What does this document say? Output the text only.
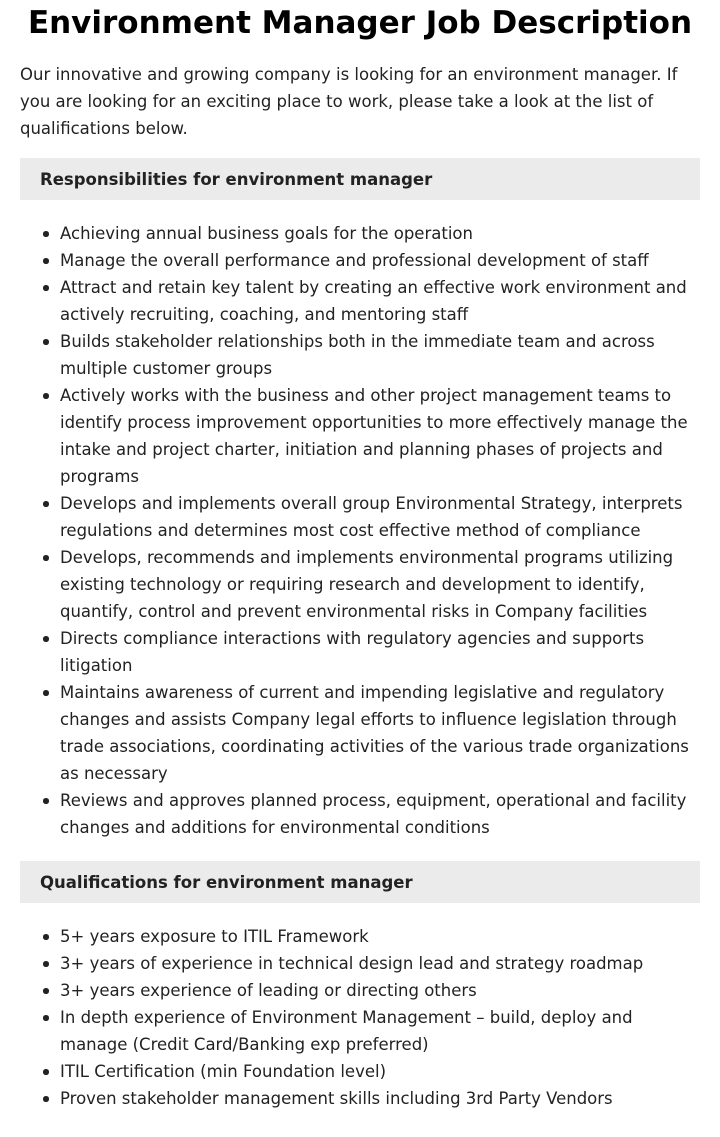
Environment Manager Job Description

Our innovative and growing company is looking for an environment manager. If you are looking for an exciting place to work, please take a look at the list of qualifications below.

Responsibilities for environment manager
Achieving annual business goals for the operation
Manage the overall performance and professional development of staff
Attract and retain key talent by creating an effective work environment and actively recruiting, coaching, and mentoring staff
Builds stakeholder relationships both in the immediate team and across multiple customer groups
Actively works with the business and other project management teams to identify process improvement opportunities to more effectively manage the intake and project charter, initiation and planning phases of projects and programs
Develops and implements overall group Environmental Strategy, interprets regulations and determines most cost effective method of compliance
Develops, recommends and implements environmental programs utilizing existing technology or requiring research and development to identify, quantify, control and prevent environmental risks in Company facilities
Directs compliance interactions with regulatory agencies and supports litigation
Maintains awareness of current and impending legislative and regulatory changes and assists Company legal efforts to influence legislation through trade associations, coordinating activities of the various trade organizations as necessary
Reviews and approves planned process, equipment, operational and facility changes and additions for environmental conditions
Qualifications for environment manager
5+ years exposure to ITIL Framework
3+ years of experience in technical design lead and strategy roadmap
3+ years experience of leading or directing others
In depth experience of Environment Management – build, deploy and manage (Credit Card/Banking exp preferred)
ITIL Certification (min Foundation level)
Proven stakeholder management skills including 3rd Party Vendors
